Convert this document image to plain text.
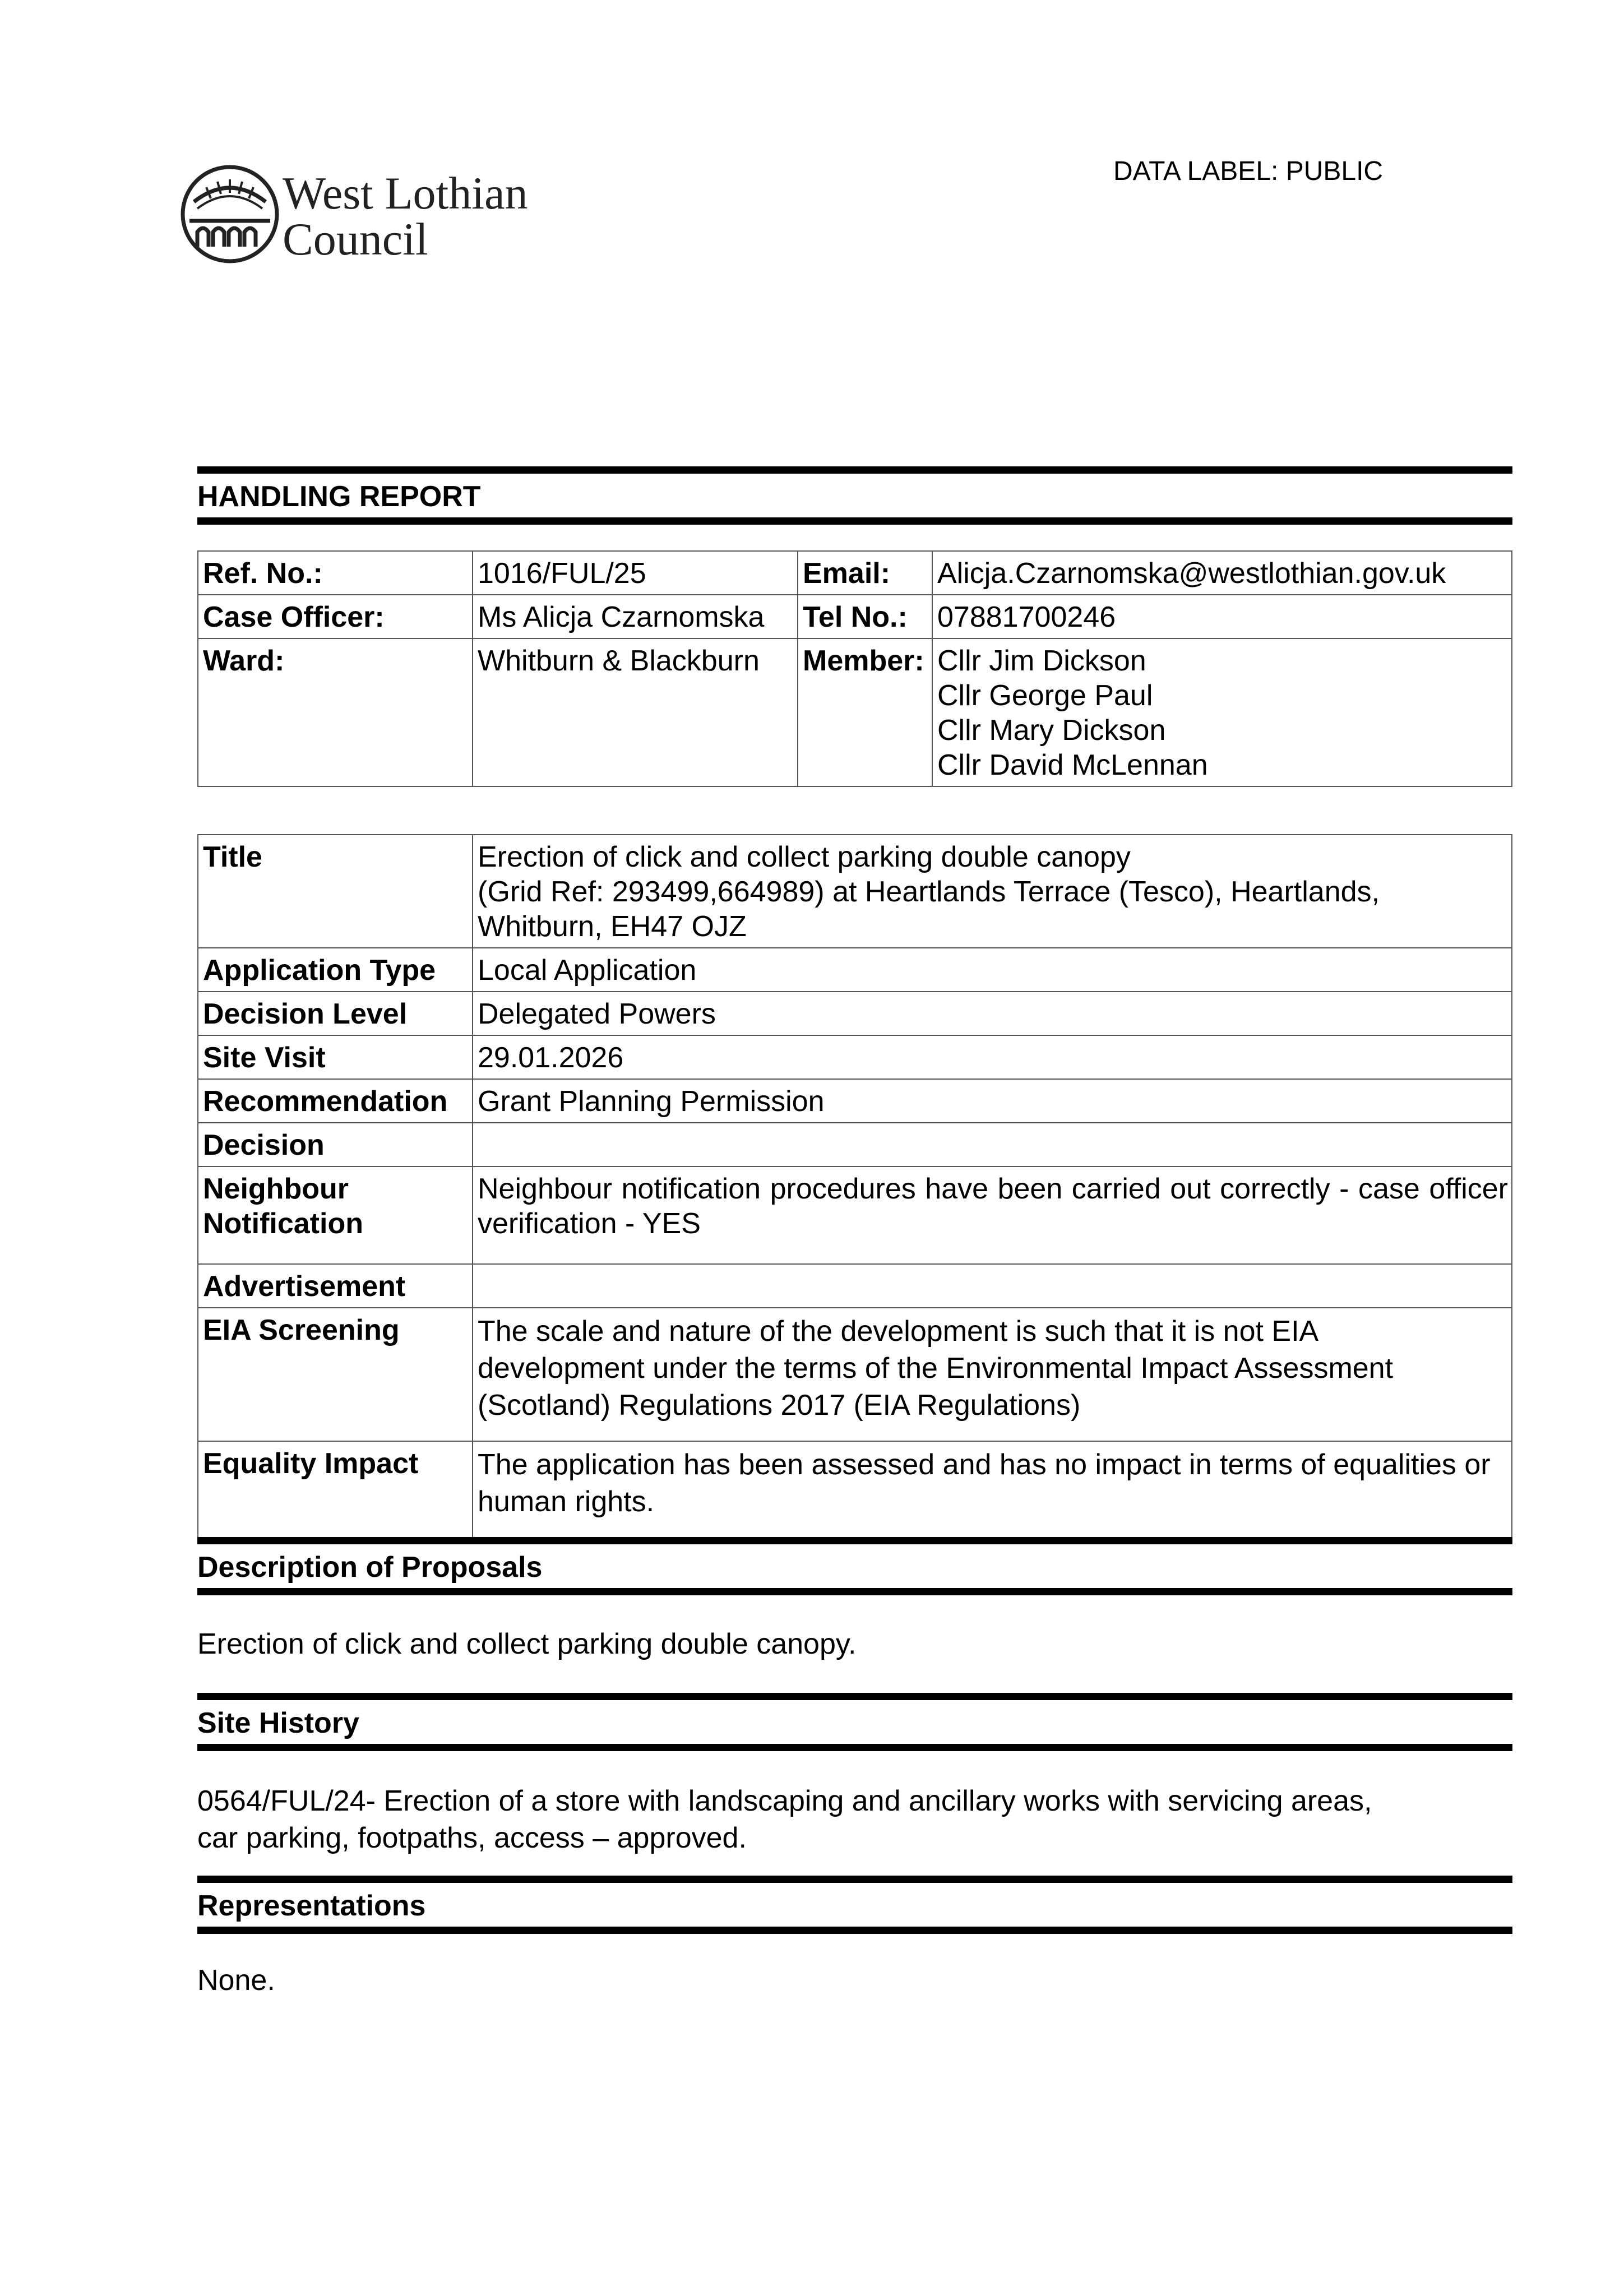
West Lothian
Council
DATA LABEL: PUBLIC
HANDLING REPORT
Ref. No.:	1016/FUL/25	Email:	Alicja.Czarnomska@westlothian.gov.uk
Case Officer:	Ms Alicja Czarnomska	Tel No.:	07881700246
Ward:	Whitburn & Blackburn	Member:	Cllr Jim Dickson
Cllr George Paul
Cllr Mary Dickson
Cllr David McLennan
Title	Erection of click and collect parking double canopy
(Grid Ref: 293499,664989) at Heartlands Terrace (Tesco), Heartlands,
Whitburn, EH47 OJZ

Application Type	Local Application
Decision Level	Delegated Powers
Site Visit	29.01.2026
Recommendation	Grant Planning Permission
Decision	

Neighbour
Notification	Neighbour notification procedures have been carried out correctly - case officer verification - YES
Advertisement	
EIA Screening	The scale and nature of the development is such that it is not EIA
development under the terms of the Environmental Impact Assessment
(Scotland) Regulations 2017 (EIA Regulations)

Equality Impact	The application has been assessed and has no impact in terms of equalities or human rights.
Description of Proposals
Erection of click and collect parking double canopy.
Site History
0564/FUL/24- Erection of a store with landscaping and ancillary works with servicing areas,
car parking, footpaths, access – approved.
Representations
None.
